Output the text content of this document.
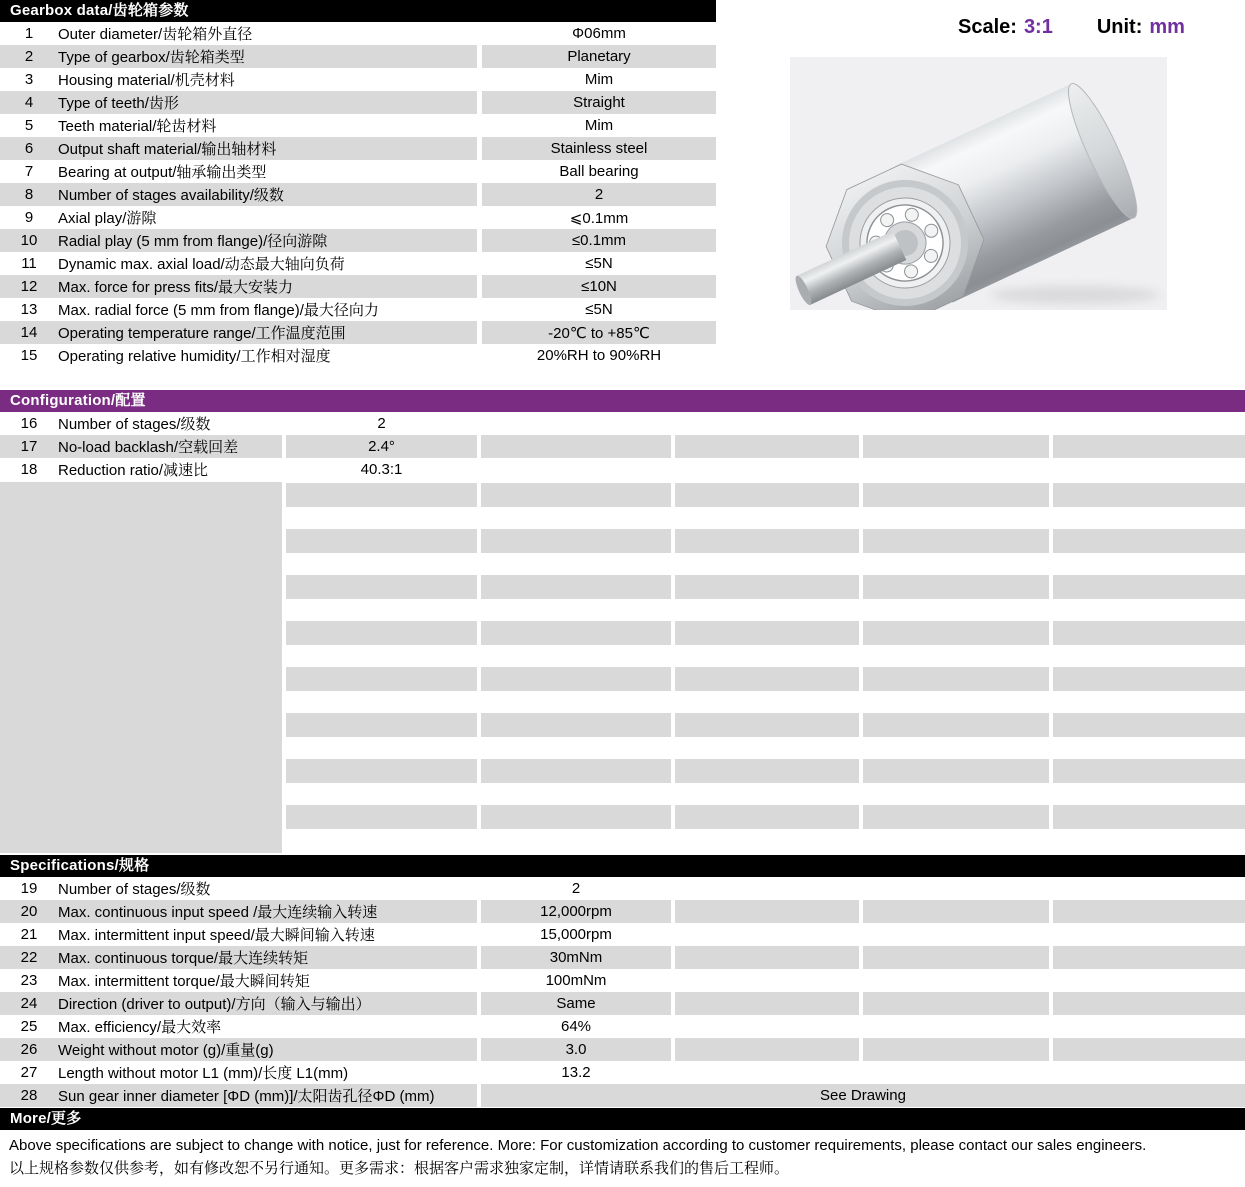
Gearbox data/齿轮箱参数
1	Outer diameter/齿轮箱外直径	Φ06mm
2	Type of gearbox/齿轮箱类型	Planetary
3	Housing material/机壳材料	Mim
4	Type of teeth/齿形	Straight
5	Teeth material/轮齿材料	Mim
6	Output shaft material/输出轴材料	Stainless steel
7	Bearing at output/轴承输出类型	Ball bearing
8	Number of stages availability/级数	2
9	Axial play/游隙	⩽0.1mm
10	Radial play (5 mm from flange)/径向游隙	≤0.1mm
11	Dynamic max. axial load/动态最大轴向负荷	≤5N
12	Max. force for press fits/最大安装力	≤10N
13	Max. radial force (5 mm from flange)/最大径向力	≤5N
14	Operating temperature range/工作温度范围	-20℃ to +85℃
15	Operating relative humidity/工作相对湿度	20%RH to 90%RH
Scale: 3:1 Unit: mm
Configuration/配置
16	Number of stages/级数	2
17	No-load backlash/空载回差	2.4°
18	Reduction ratio/减速比	40.3:1
Specifications/规格
19	Number of stages/级数	2
20	Max. continuous input speed /最大连续输入转速	12,000rpm
21	Max. intermittent input speed/最大瞬间输入转速	15,000rpm
22	Max. continuous torque/最大连续转矩	30mNm
23	Max. intermittent torque/最大瞬间转矩	100mNm
24	Direction (driver to output)/方向（输入与输出）	Same
25	Max. efficiency/最大效率	64%
26	Weight without motor (g)/重量(g)	3.0
27	Length without motor L1 (mm)/长度 L1(mm)	13.2
28	Sun gear inner diameter [ΦD (mm)]/太阳齿孔径ΦD (mm)	See Drawing
More/更多
Above specifications are subject to change with notice, just for reference. More: For customization according to customer requirements, please contact our sales engineers.
以上规格参数仅供参考，如有修改恕不另行通知。更多需求：根据客户需求独家定制，详情请联系我们的售后工程师。
